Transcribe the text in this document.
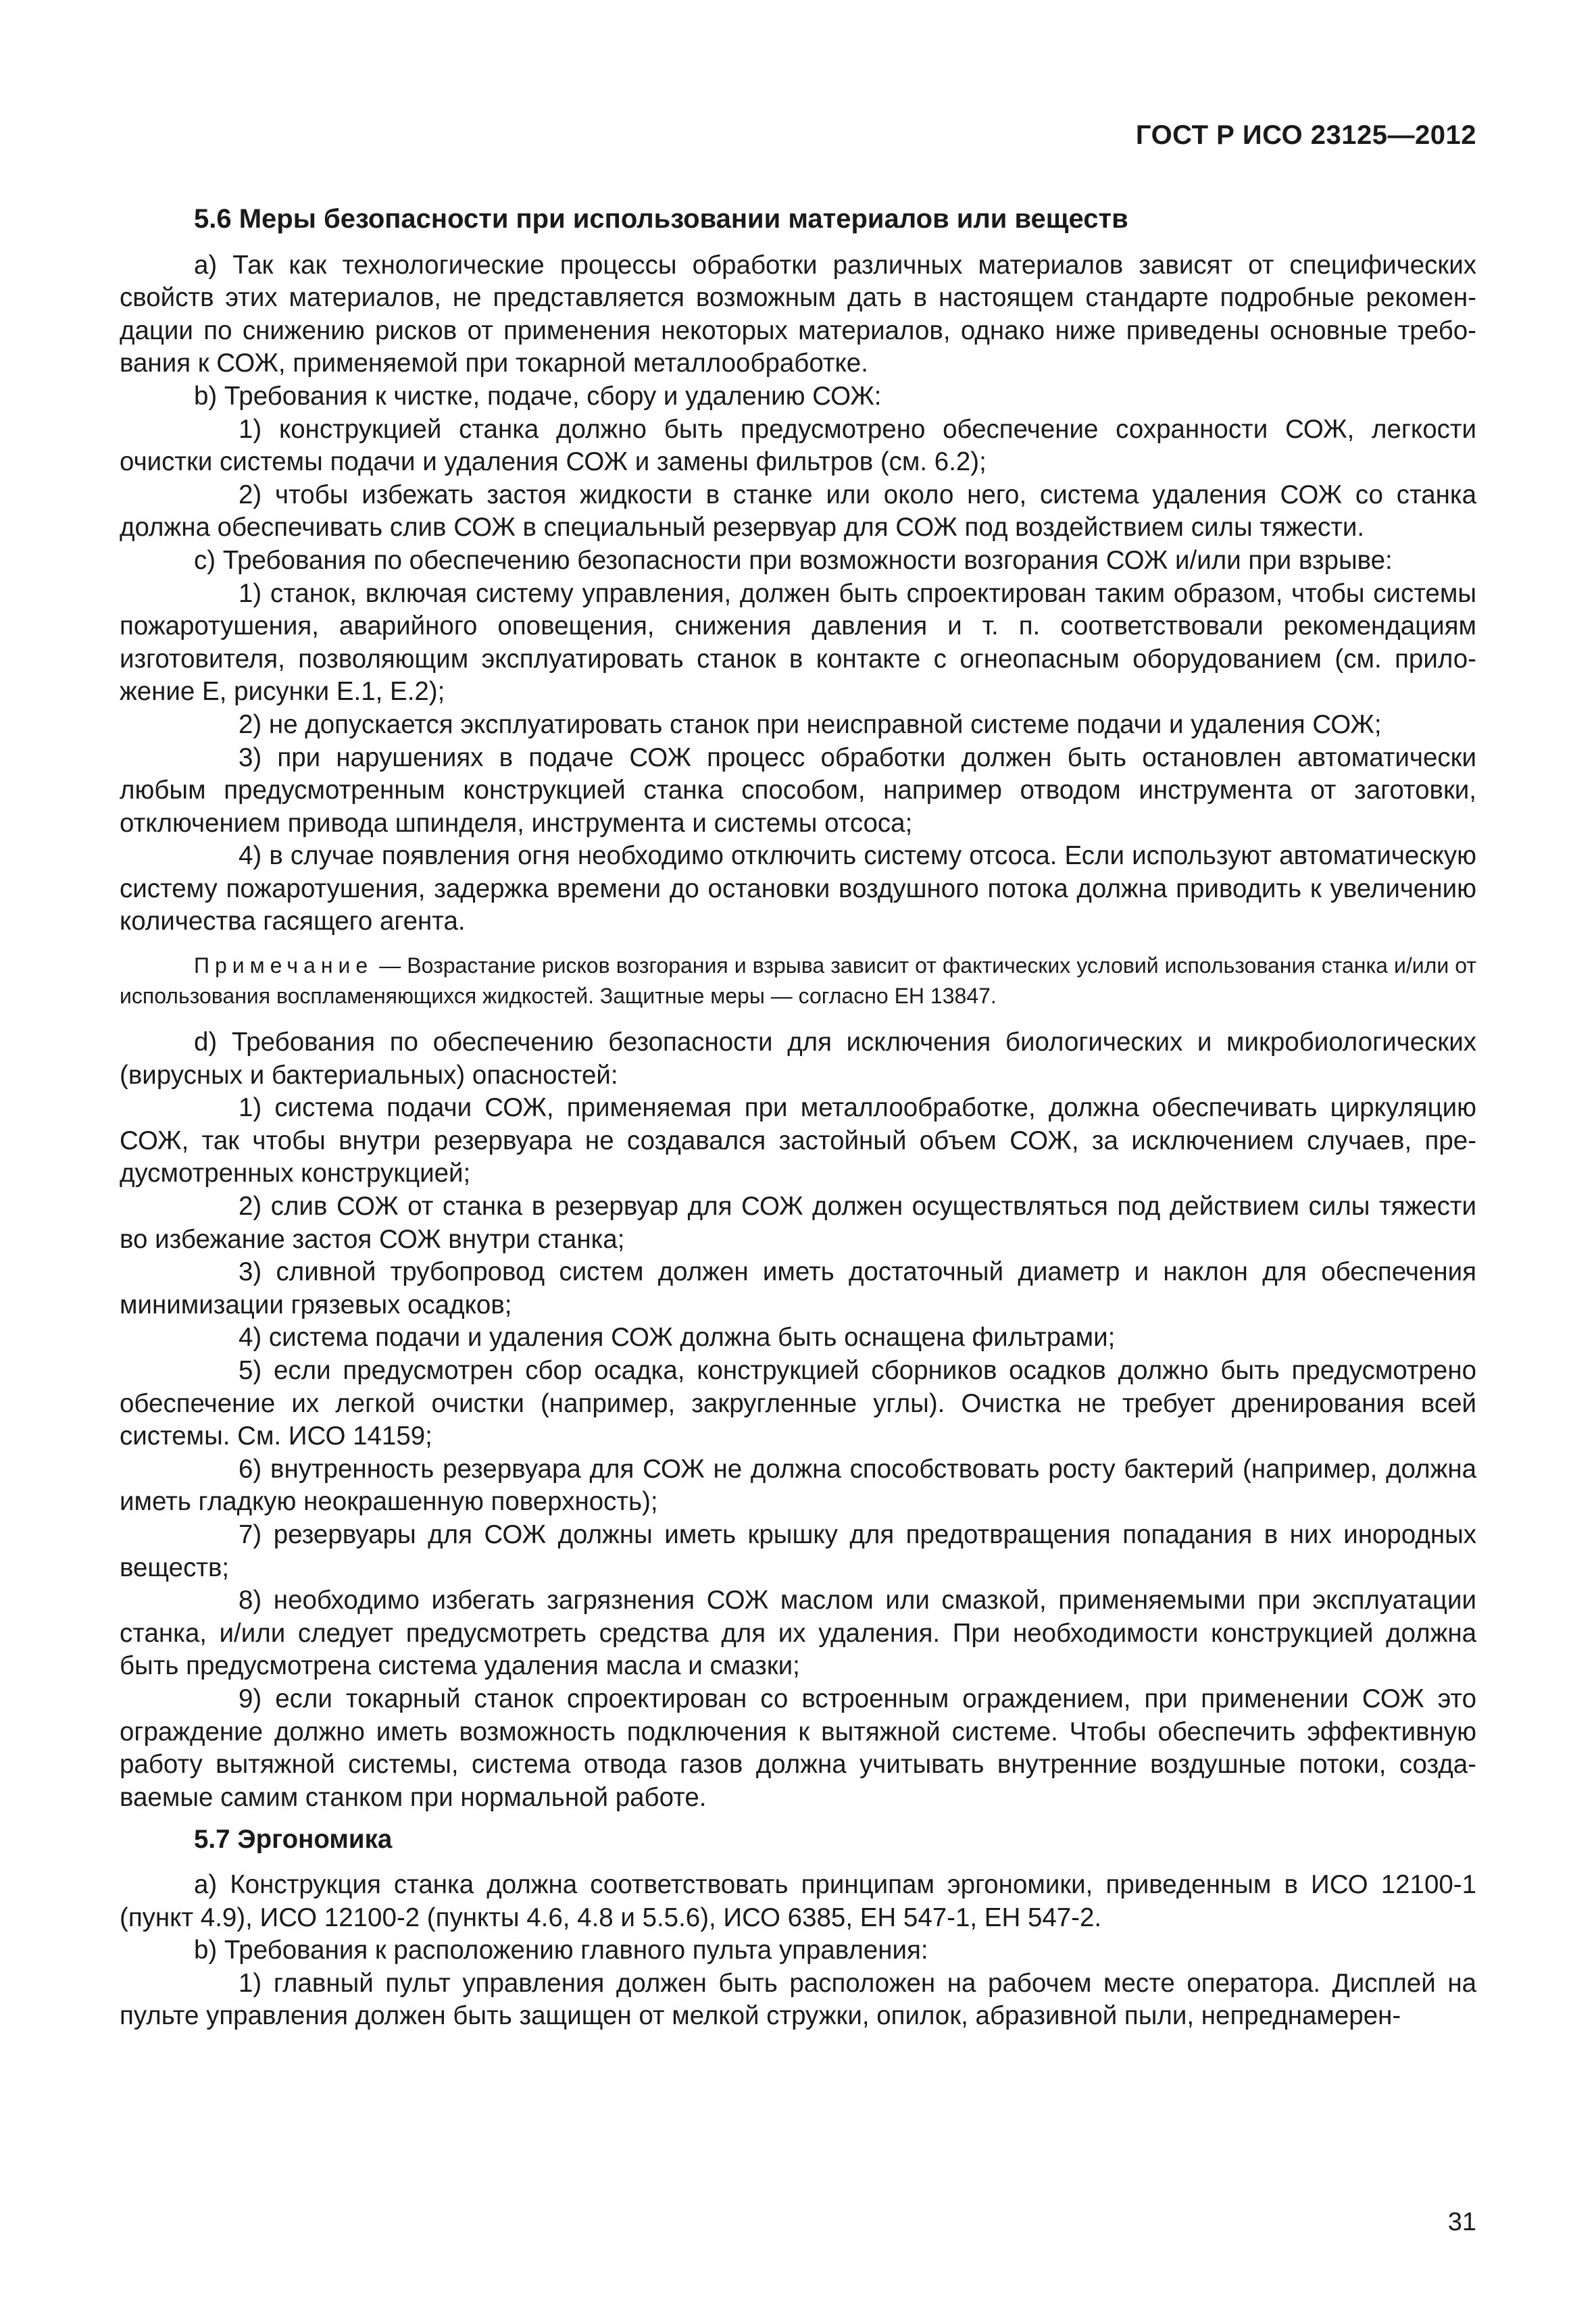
ГОСТ Р ИСО 23125—2012
5.6 Меры безопасности при использовании материалов или веществ

a) Так как технологические процессы обработки различных материалов зависят от специфических свойств этих материалов, не представляется возможным дать в настоящем стандарте подробные рекомендации по снижению рисков от применения некоторых материалов, однако ниже приведены основные требования к СОЖ, применяемой при токарной металлообработке.

b) Требования к чистке, подаче, сбору и удалению СОЖ:

1) конструкцией станка должно быть предусмотрено обеспечение сохранности СОЖ, легкости очистки системы подачи и удаления СОЖ и замены фильтров (см. 6.2);

2) чтобы избежать застоя жидкости в станке или около него, система удаления СОЖ со станка должна обеспечивать слив СОЖ в специальный резервуар для СОЖ под воздействием силы тяжести.

c) Требования по обеспечению безопасности при возможности возгорания СОЖ и/или при взрыве:

1) станок, включая систему управления, должен быть спроектирован таким образом, чтобы системы пожаротушения, аварийного оповещения, снижения давления и т. п. соответствовали рекомендациям изготовителя, позволяющим эксплуатировать станок в контакте с огнеопасным оборудованием (см. приложение Е, рисунки Е.1, Е.2);

2) не допускается эксплуатировать станок при неисправной системе подачи и удаления СОЖ;

3) при нарушениях в подаче СОЖ процесс обработки должен быть остановлен автоматически любым предусмотренным конструкцией станка способом, например отводом инструмента от заготовки, отключением привода шпинделя, инструмента и системы отсоса;

4) в случае появления огня необходимо отключить систему отсоса. Если используют автоматическую систему пожаротушения, задержка времени до остановки воздушного потока должна приводить к увеличению количества гасящего агента.

Примечание — Возрастание рисков возгорания и взрыва зависит от фактических условий использования станка и/или от использования воспламеняющихся жидкостей. Защитные меры — согласно ЕН 13847.

d) Требования по обеспечению безопасности для исключения биологических и микробиологических (вирусных и бактериальных) опасностей:

1) система подачи СОЖ, применяемая при металлообработке, должна обеспечивать циркуляцию СОЖ, так чтобы внутри резервуара не создавался застойный объем СОЖ, за исключением случаев, предусмотренных конструкцией;

2) слив СОЖ от станка в резервуар для СОЖ должен осуществляться под действием силы тяжести во избежание застоя СОЖ внутри станка;

3) сливной трубопровод систем должен иметь достаточный диаметр и наклон для обеспечения минимизации грязевых осадков;

4) система подачи и удаления СОЖ должна быть оснащена фильтрами;

5) если предусмотрен сбор осадка, конструкцией сборников осадков должно быть предусмотрено обеспечение их легкой очистки (например, закругленные углы). Очистка не требует дренирования всей системы. См. ИСО 14159;

6) внутренность резервуара для СОЖ не должна способствовать росту бактерий (например, должна иметь гладкую неокрашенную поверхность);

7) резервуары для СОЖ должны иметь крышку для предотвращения попадания в них инородных веществ;

8) необходимо избегать загрязнения СОЖ маслом или смазкой, применяемыми при эксплуатации станка, и/или следует предусмотреть средства для их удаления. При необходимости конструкцией должна быть предусмотрена система удаления масла и смазки;

9) если токарный станок спроектирован со встроенным ограждением, при применении СОЖ это ограждение должно иметь возможность подключения к вытяжной системе. Чтобы обеспечить эффективную работу вытяжной системы, система отвода газов должна учитывать внутренние воздушные потоки, создаваемые самим станком при нормальной работе.

5.7 Эргономика

a) Конструкция станка должна соответствовать принципам эргономики, приведенным в ИСО 12100-1 (пункт 4.9), ИСО 12100-2 (пункты 4.6, 4.8 и 5.5.6), ИСО 6385, ЕН 547-1, ЕН 547-2.

b) Требования к расположению главного пульта управления:

1) главный пульт управления должен быть расположен на рабочем месте оператора. Дисплей на пульте управления должен быть защищен от мелкой стружки, опилок, абразивной пыли, непреднамерен-

31
